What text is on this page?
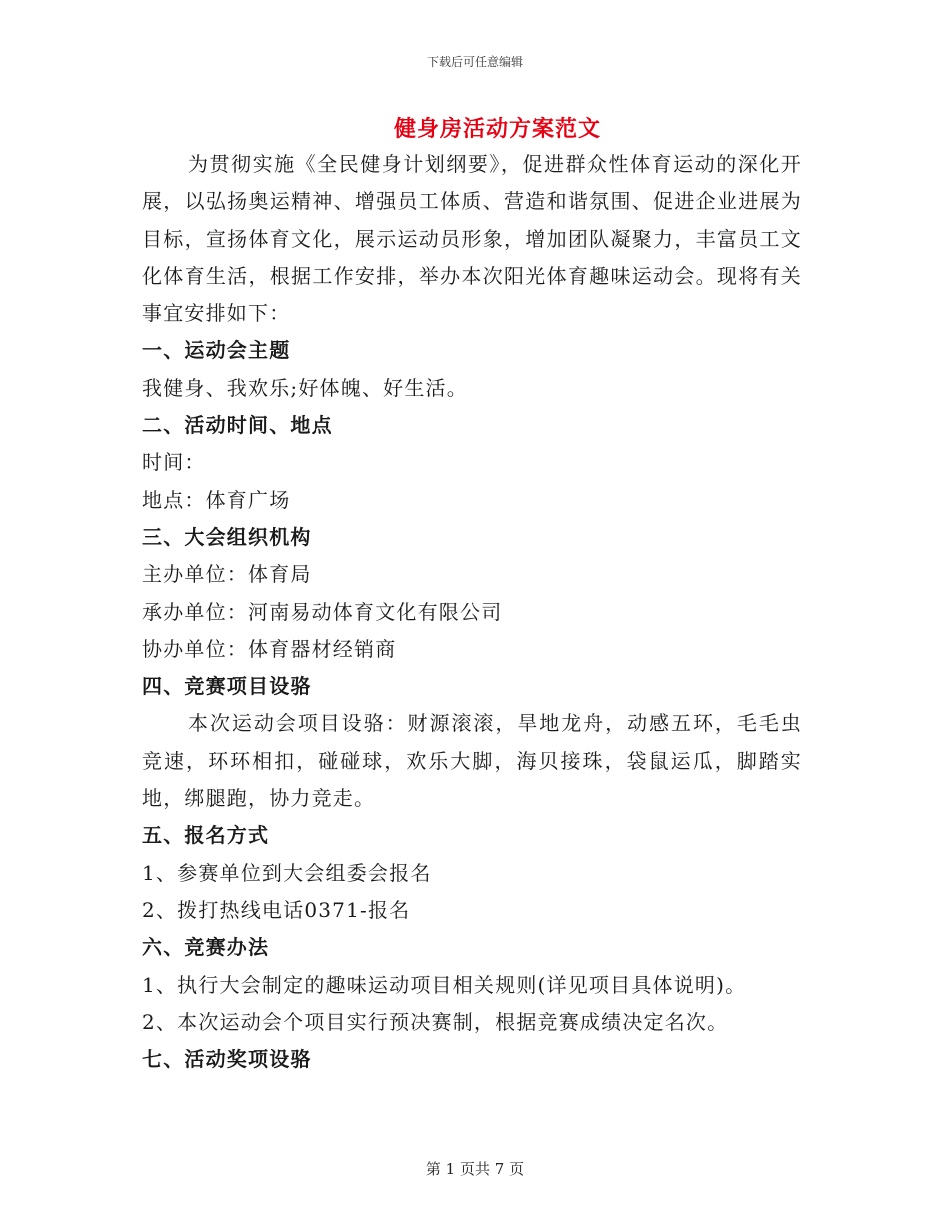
下载后可任意编辑
健身房活动方案范文

为贯彻实施《全民健身计划纲要》，促进群众性体育运动的深化开展，以弘扬奥运精神、增强员工体质、营造和谐氛围、促进企业进展为目标，宣扬体育文化，展示运动员形象，增加团队凝聚力，丰富员工文化体育生活，根据工作安排，举办本次阳光体育趣味运动会。现将有关事宜安排如下：

一、运动会主题

我健身、我欢乐;好体魄、好生活。

二、活动时间、地点

时间：

地点：体育广场

三、大会组织机构

主办单位：体育局

承办单位：河南易动体育文化有限公司

协办单位：体育器材经销商

四、竞赛项目设骆

本次运动会项目设骆：财源滚滚，旱地龙舟，动感五环，毛毛虫竞速，环环相扣，碰碰球，欢乐大脚，海贝接珠，袋鼠运瓜，脚踏实地，绑腿跑，协力竞走。

五、报名方式

1、参赛单位到大会组委会报名

2、拨打热线电话0371-报名

六、竞赛办法

1、执行大会制定的趣味运动项目相关规则(详见项目具体说明)。

2、本次运动会个项目实行预决赛制，根据竞赛成绩决定名次。

七、活动奖项设骆

第 1 页共 7 页
